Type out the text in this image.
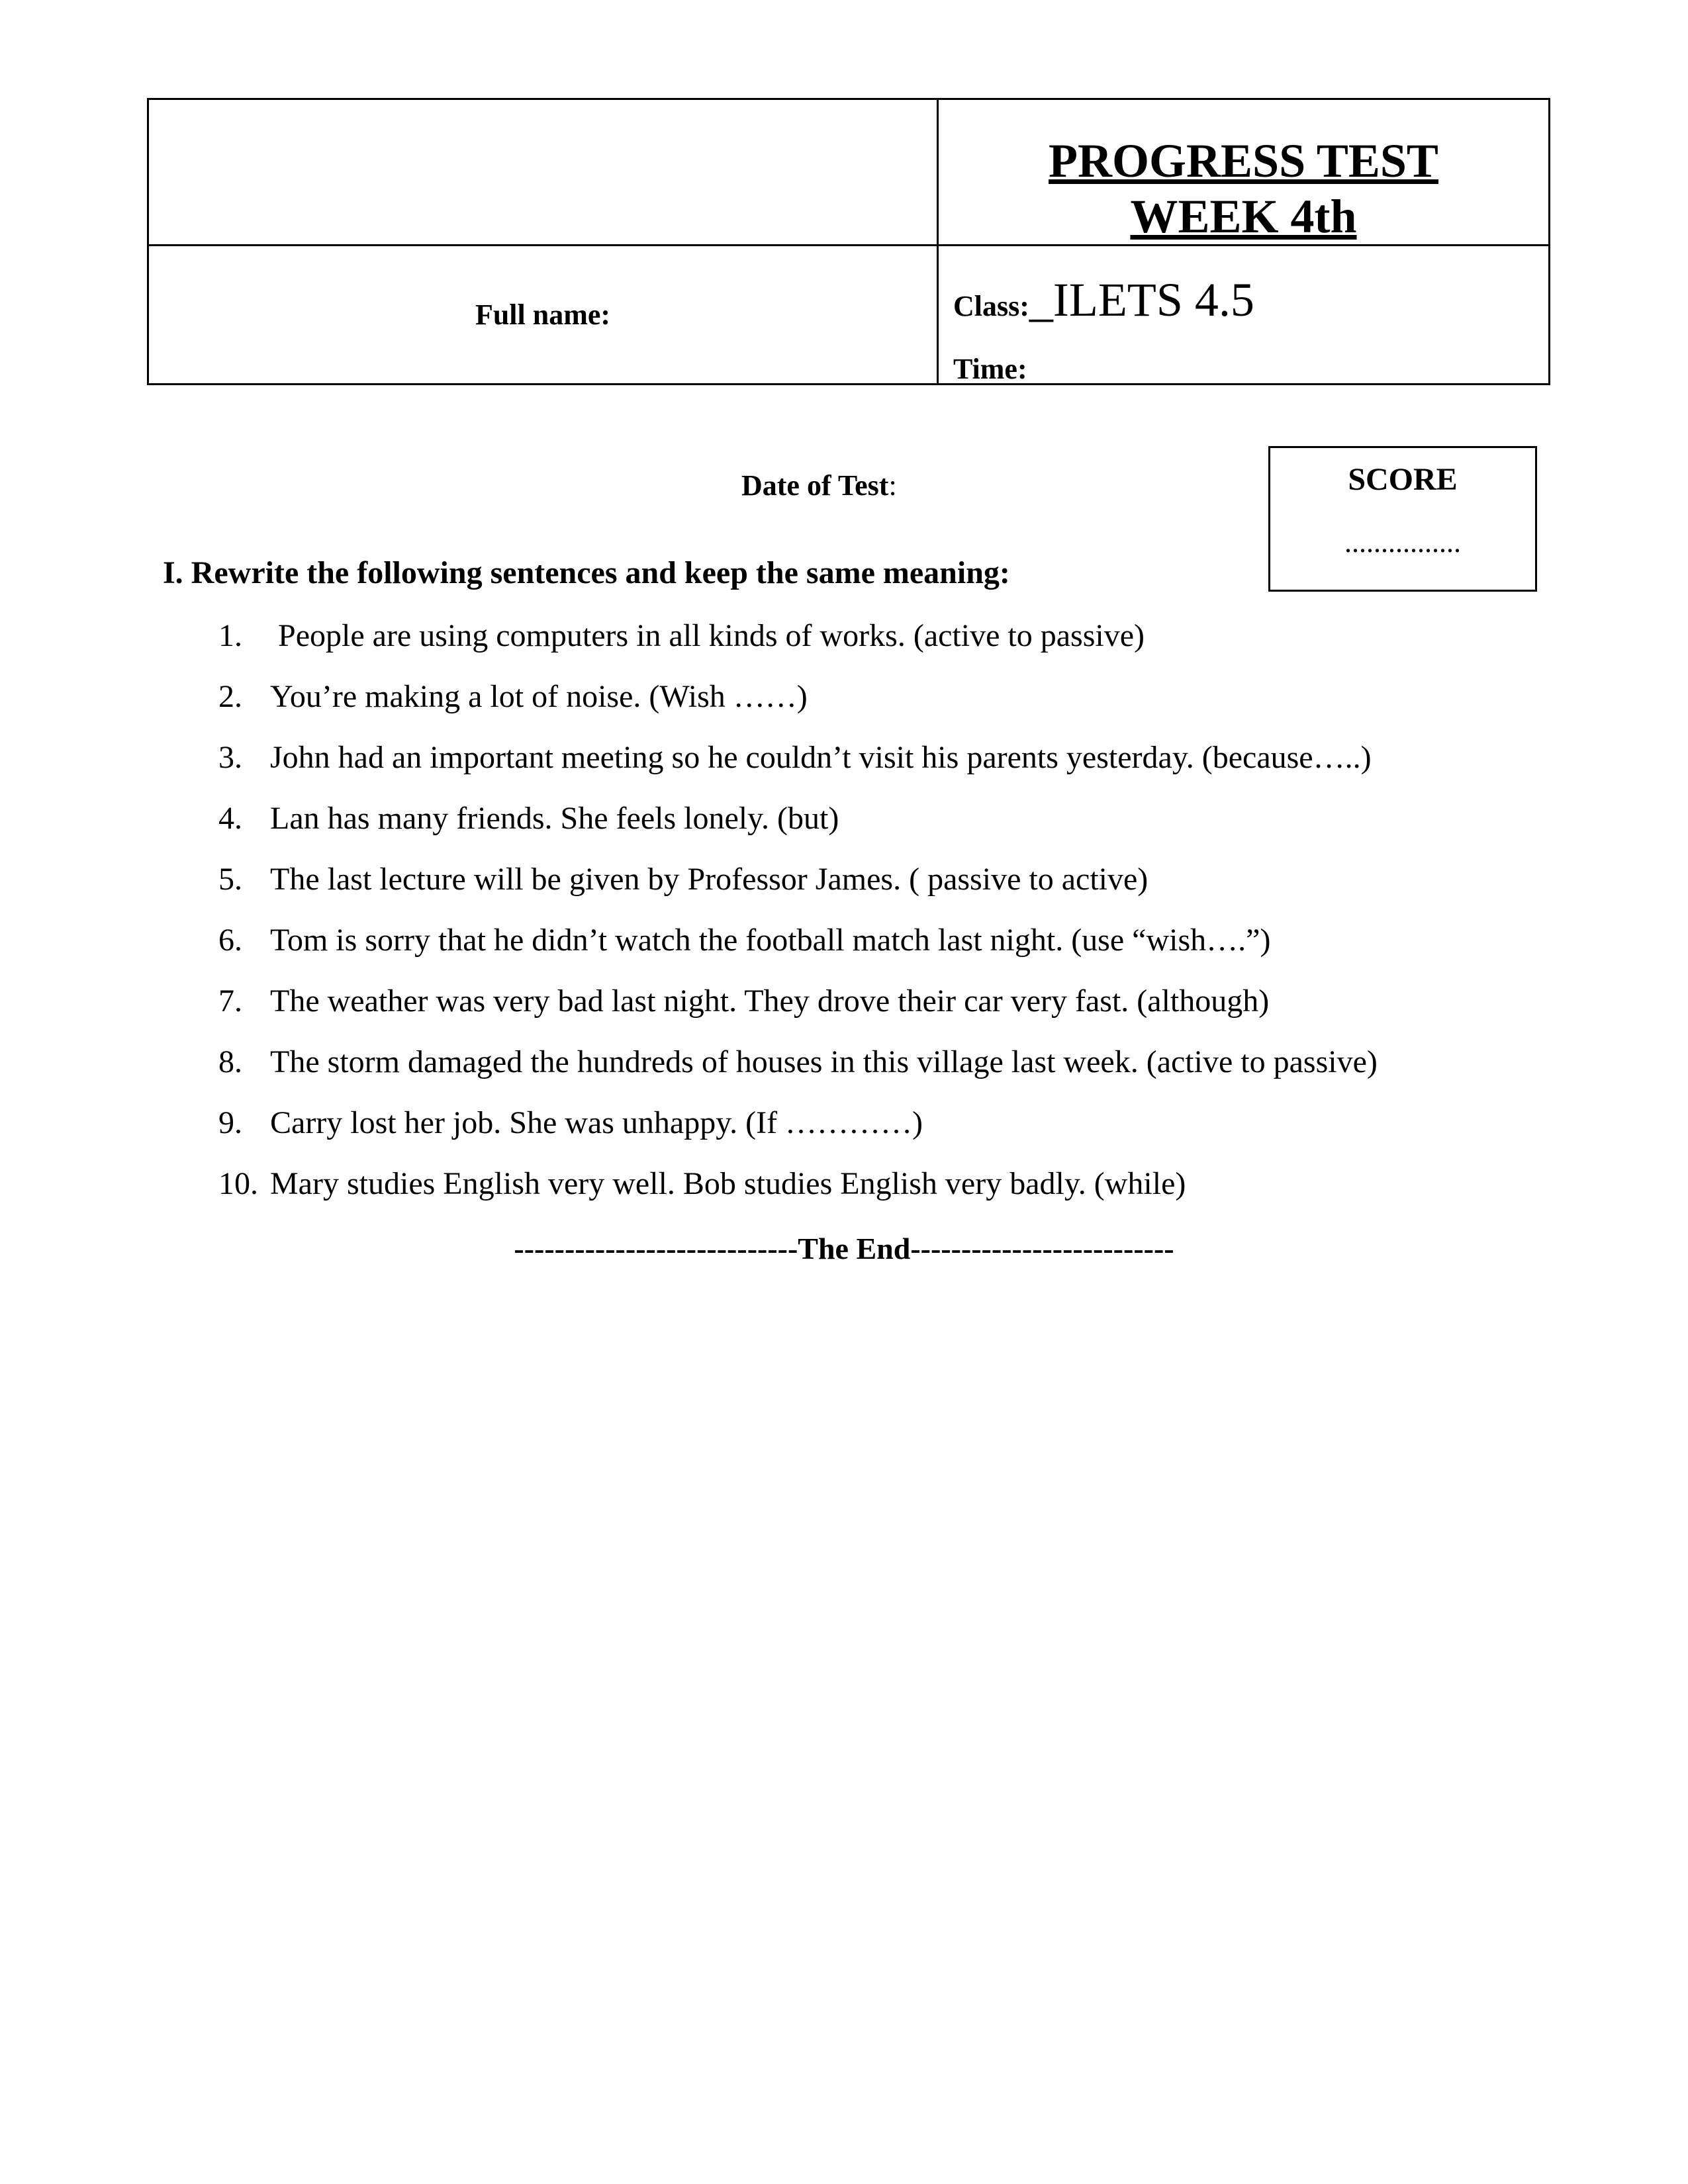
	PROGRESS TEST
WEEK 4th

Full name:	Class:_ILETS 4.5
Time:
Date of Test:	SCORE
................
I. Rewrite the following sentences and keep the same meaning:
1. People are using computers in all kinds of works. (active to passive)
2. You’re making a lot of noise. (Wish ……)
3. John had an important meeting so he couldn’t visit his parents yesterday. (because…..)
4. Lan has many friends. She feels lonely. (but)
5. The last lecture will be given by Professor James. ( passive to active)
6. Tom is sorry that he didn’t watch the football match last night. (use “wish….”)
7. The weather was very bad last night. They drove their car very fast. (although)
8. The storm damaged the hundreds of houses in this village last week. (active to passive)
9. Carry lost her job. She was unhappy. (If …………)
10. Mary studies English very well. Bob studies English very badly. (while)
----------------------------The End--------------------------
